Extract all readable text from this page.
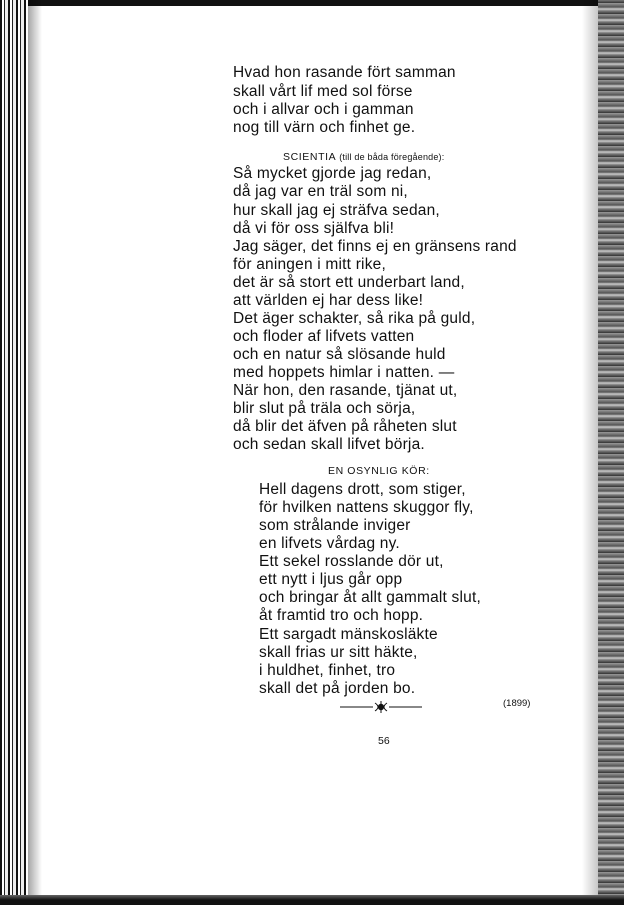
Hvad hon rasande fört samman
skall vårt lif med sol förse
och i allvar och i gamman
nog till värn och finhet ge.
SCIENTIA (till de båda föregående):
Så mycket gjorde jag redan,
då jag var en träl som ni,
hur skall jag ej sträfva sedan,
då vi för oss själfva bli!
Jag säger, det finns ej en gränsens rand
för aningen i mitt rike,
det är så stort ett underbart land,
att världen ej har dess like!
Det äger schakter, så rika på guld,
och floder af lifvets vatten
och en natur så slösande huld
med hoppets himlar i natten. —
När hon, den rasande, tjänat ut,
blir slut på träla och sörja,
då blir det äfven på råheten slut
och sedan skall lifvet börja.
EN OSYNLIG KÖR:
Hell dagens drott, som stiger,
för hvilken nattens skuggor fly,
som strålande inviger
en lifvets vårdag ny.
Ett sekel rosslande dör ut,
ett nytt i ljus går opp
och bringar åt allt gammalt slut,
åt framtid tro och hopp.
Ett sargadt mänskosläkte
skall frias ur sitt häkte,
i huldhet, finhet, tro
skall det på jorden bo.
(1899)
56
